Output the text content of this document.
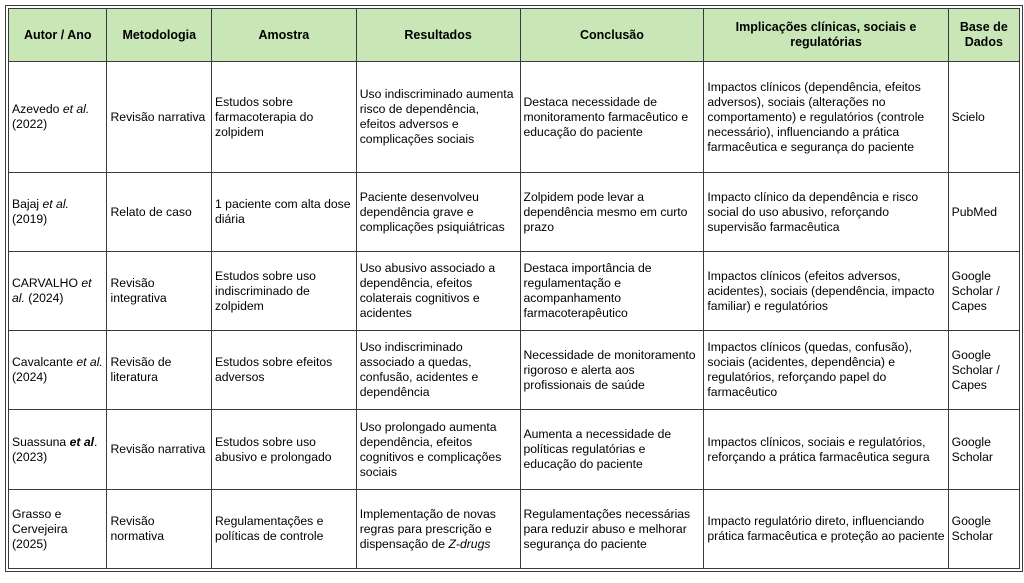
Autor / Ano	Metodologia	Amostra	Resultados	Conclusão	Implicações clínicas, sociais e regulatórias	Base de Dados
Azevedo et al. (2022)	Revisão narrativa	Estudos sobre farmacoterapia do zolpidem	Uso indiscriminado aumenta risco de dependência, efeitos adversos e complicações sociais	Destaca necessidade de monitoramento farmacêutico e educação do paciente	Impactos clínicos (dependência, efeitos adversos), sociais (alterações no comportamento) e regulatórios (controle necessário), influenciando a prática farmacêutica e segurança do paciente	Scielo
Bajaj et al. (2019)	Relato de caso	1 paciente com alta dose diária	Paciente desenvolveu dependência grave e complicações psiquiátricas	Zolpidem pode levar a dependência mesmo em curto prazo	Impacto clínico da dependência e risco social do uso abusivo, reforçando supervisão farmacêutica	PubMed
CARVALHO et al. (2024)	Revisão integrativa	Estudos sobre uso indiscriminado de zolpidem	Uso abusivo associado a dependência, efeitos colaterais cognitivos e acidentes	Destaca importância de regulamentação e acompanhamento farmacoterapêutico	Impactos clínicos (efeitos adversos, acidentes), sociais (dependência, impacto familiar) e regulatórios	Google Scholar / Capes
Cavalcante et al. (2024)	Revisão de literatura	Estudos sobre efeitos adversos	Uso indiscriminado associado a quedas, confusão, acidentes e dependência	Necessidade de monitoramento rigoroso e alerta aos profissionais de saúde	Impactos clínicos (quedas, confusão), sociais (acidentes, dependência) e regulatórios, reforçando papel do farmacêutico	Google Scholar / Capes
Suassuna et al. (2023)	Revisão narrativa	Estudos sobre uso abusivo e prolongado	Uso prolongado aumenta dependência, efeitos cognitivos e complicações sociais	Aumenta a necessidade de políticas regulatórias e educação do paciente	Impactos clínicos, sociais e regulatórios, reforçando a prática farmacêutica segura	Google Scholar
Grasso e Cervejeira (2025)	Revisão normativa	Regulamentações e políticas de controle	Implementação de novas regras para prescrição e dispensação de Z-drugs	Regulamentações necessárias para reduzir abuso e melhorar segurança do paciente	Impacto regulatório direto, influenciando prática farmacêutica e proteção ao paciente	Google Scholar
